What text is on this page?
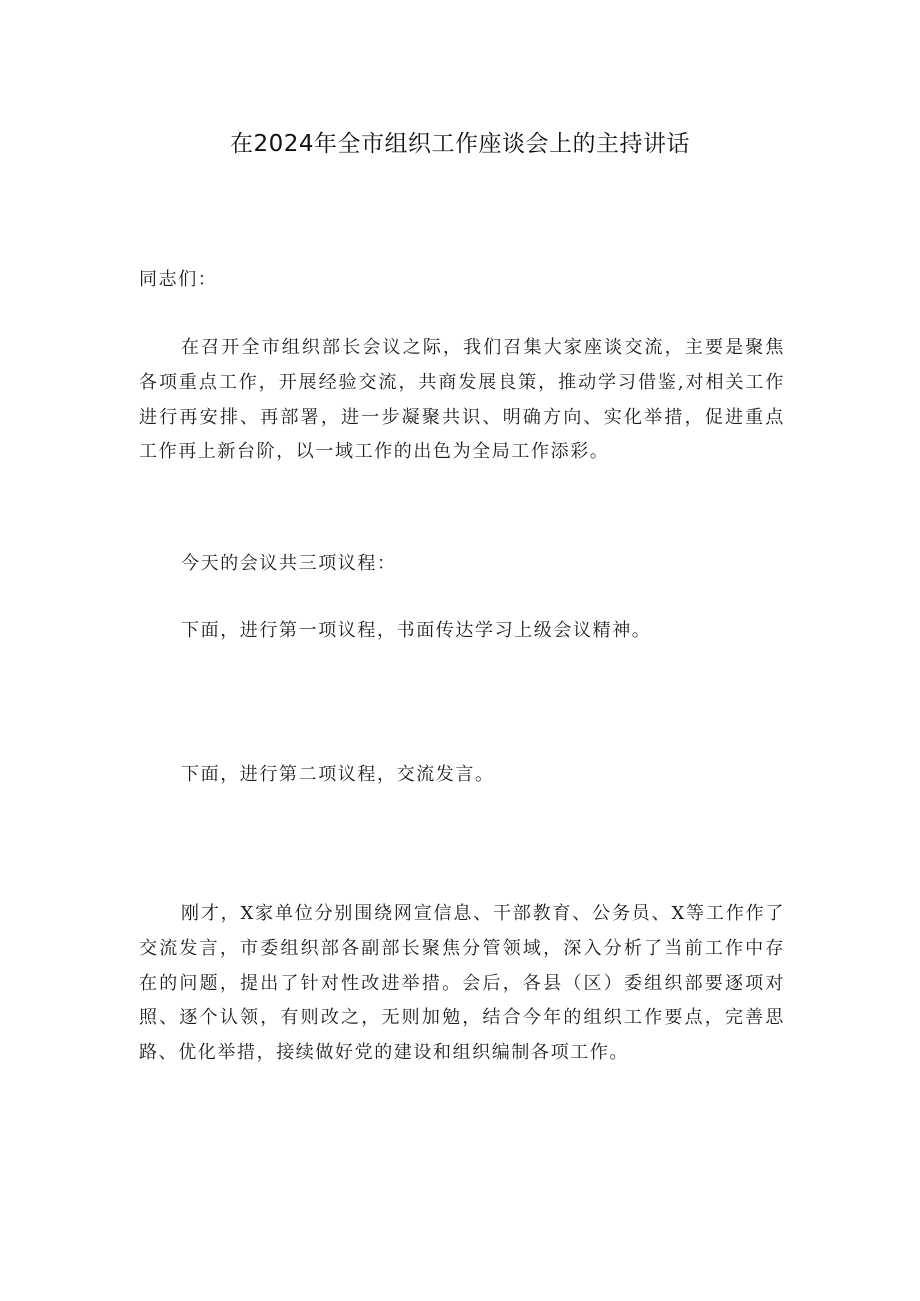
在2024年全市组织工作座谈会上的主持讲话
同志们：
在召开全市组织部长会议之际，我们召集大家座谈交流，主要是聚焦各项重点工作，开展经验交流，共商发展良策，推动学习借鉴,对相关工作进行再安排、再部署，进一步凝聚共识、明确方向、实化举措，促进重点工作再上新台阶，以一域工作的出色为全局工作添彩。
今天的会议共三项议程：
下面，进行第一项议程，书面传达学习上级会议精神。
下面，进行第二项议程，交流发言。
刚才，X家单位分别围绕网宣信息、干部教育、公务员、X等工作作了交流发言，市委组织部各副部长聚焦分管领域，深入分析了当前工作中存在的问题，提出了针对性改进举措。会后，各县（区）委组织部要逐项对照、逐个认领，有则改之，无则加勉，结合今年的组织工作要点，完善思路、优化举措，接续做好党的建设和组织编制各项工作。
